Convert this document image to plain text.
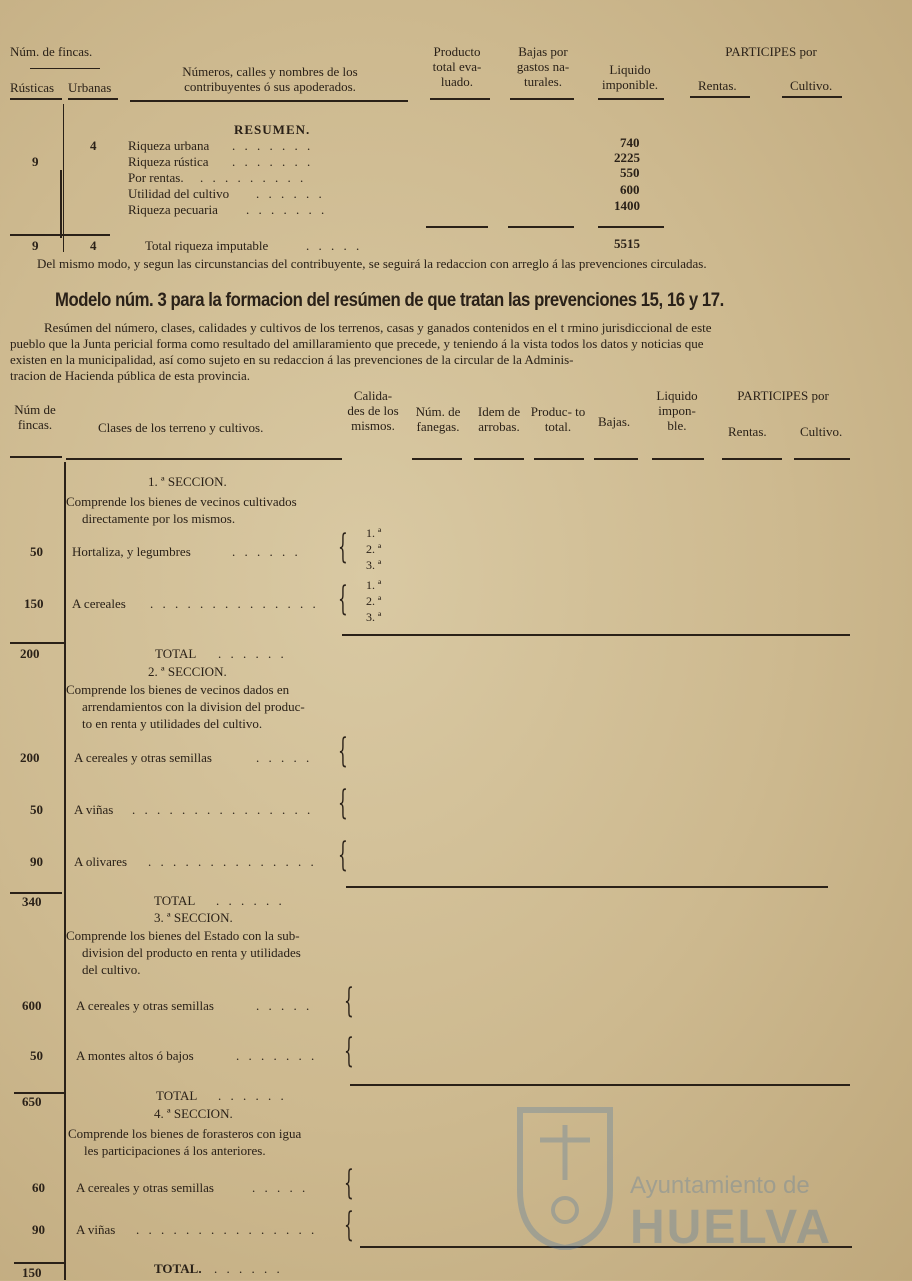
Núm. de fincas.
Rústicas Urbanas
Números, calles y nombres de los contribuyentes ó sus apoderados.
Producto total eva- luado.
Bajas por gastos na- turales.
Liquido imponible.
PARTICIPES por
Rentas.	Cultivo.
RESUMEN.
4 Riqueza urbana . . . . . . .	740
9	Riqueza rústica . . . . . . .	2225
Por rentas. . . . . . . . . .	550
Utilidad del cultivo . . . . . .	600
Riqueza pecuaria . . . . . . .	1400
9	4	Total riqueza imputable	. . . . .	5515
Del mismo modo, y segun las circunstancias del contribuyente, se seguirá la redaccion con arreglo á las prevenciones circuladas.
Modelo núm. 3 para la formacion del resúmen de que tratan las prevenciones 15, 16 y 17.
Resúmen del número, clases, calidades y cultivos de los terrenos, casas y ganados contenidos en el t rmino jurisdiccional de este
pueblo que la Junta pericial forma como resultado del amillaramiento que precede, y teniendo á la vista todos los datos y noticias que
existen en la municipalidad, así como sujeto en su redaccion á las prevenciones de la circular de la Adminis-
tracion de Hacienda pública de esta provincia.
Núm de fincas.	Clases de los terreno y cultivos.
Calida- des de los mismos.
Núm. de fanegas.
Idem de arrobas.
Produc- to total.	Bajas.
Liquido impon- ble.
PARTICIPES por
Rentas.	Cultivo.
1. ª SECCION.
Comprende los bienes de vecinos cultivados
directamente por los mismos.
50 Hortaliza, y legumbres	. . . . . . { 1. ª
2. ª
3. ª
150 A cereales . . . . . . . . . . . . . . { 1. ª
2. ª
3. ª
200	TOTAL . . . . . .
2. ª SECCION.
Comprende los bienes de vecinos dados en
arrendamientos con la division del produc-
to en renta y utilidades del cultivo.
200	A cereales y otras semillas	. . . . . {
50 A viñas . . . . . . . . . . . . . . . {
90 A olivares . . . . . . . . . . . . . . {
340	TOTAL . . . . . .
3. ª SECCION.
Comprende los bienes del Estado con la sub-
division del producto en renta y utilidades
del cultivo.
600	A cereales y otras semillas	. . . . . {
50	A montes altos ó bajos	. . . . . . . {
650	TOTAL . . . . . .
4. ª SECCION.
Comprende los bienes de forasteros con igua
les participaciones á los anteriores.
60 A cereales y otras semillas	. . . . . {
90 A viñas . . . . . . . . . . . . . . . {
150	TOTAL. . . . . . .
Ayuntamiento de
HUELVA
